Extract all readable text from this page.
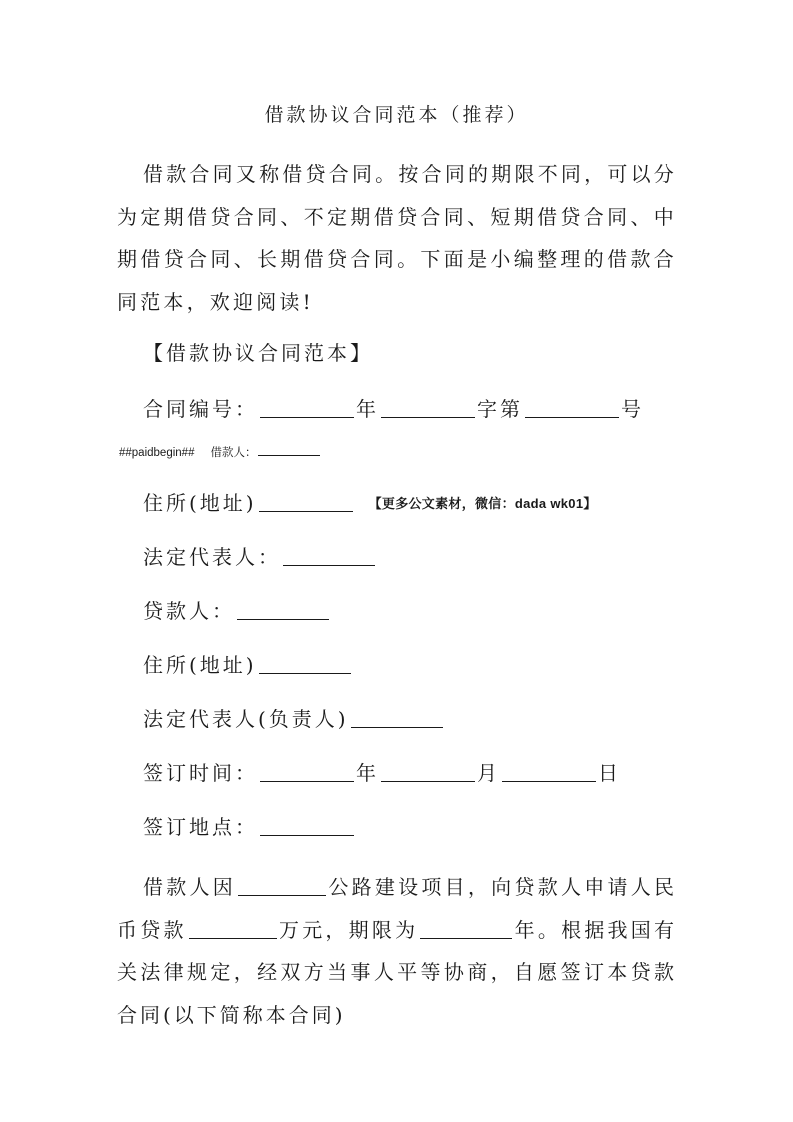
借款协议合同范本（推荐）
借款合同又称借贷合同。按合同的期限不同，可以分为定期借贷合同、不定期借贷合同、短期借贷合同、中期借贷合同、长期借贷合同。下面是小编整理的借款合同范本，欢迎阅读!
【借款协议合同范本】
合同编号：	年	字第	号
##paidbegin## 借款人：
住所(地址)	【更多公文素材，微信：dada wk01】
法定代表人：
贷款人：
住所(地址)
法定代表人(负责人)
签订时间：	年	月	日
签订地点：
借款人因	公路建设项目，向贷款人申请人民币贷款	万元，期限为	年。根据我国有关法律规定，经双方当事人平等协商，自愿签订本贷款合同(以下简称本合同)
